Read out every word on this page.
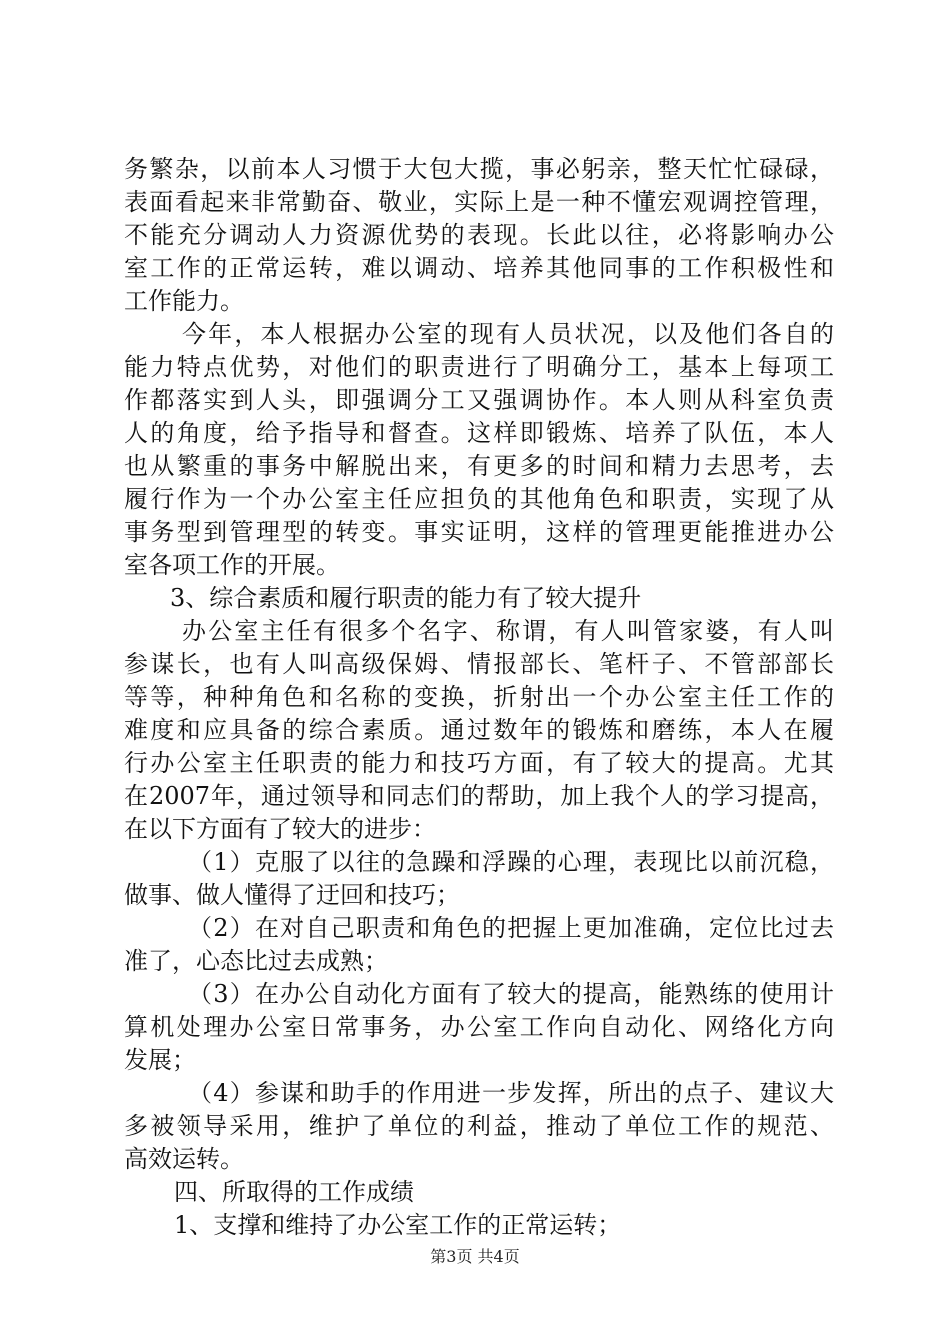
务繁杂，以前本人习惯于大包大揽，事必躬亲，整天忙忙碌碌，
表面看起来非常勤奋、敬业，实际上是一种不懂宏观调控管理，
不能充分调动人力资源优势的表现。长此以往，必将影响办公
室工作的正常运转，难以调动、培养其他同事的工作积极性和
工作能力。
今年，本人根据办公室的现有人员状况，以及他们各自的
能力特点优势，对他们的职责进行了明确分工，基本上每项工
作都落实到人头，即强调分工又强调协作。本人则从科室负责
人的角度，给予指导和督查。这样即锻炼、培养了队伍，本人
也从繁重的事务中解脱出来，有更多的时间和精力去思考，去
履行作为一个办公室主任应担负的其他角色和职责，实现了从
事务型到管理型的转变。事实证明，这样的管理更能推进办公
室各项工作的开展。
3、综合素质和履行职责的能力有了较大提升
办公室主任有很多个名字、称谓，有人叫管家婆，有人叫
参谋长，也有人叫高级保姆、情报部长、笔杆子、不管部部长
等等，种种角色和名称的变换，折射出一个办公室主任工作的
难度和应具备的综合素质。通过数年的锻炼和磨练，本人在履
行办公室主任职责的能力和技巧方面，有了较大的提高。尤其
在2007年，通过领导和同志们的帮助，加上我个人的学习提高，
在以下方面有了较大的进步：
（1）克服了以往的急躁和浮躁的心理，表现比以前沉稳，
做事、做人懂得了迂回和技巧；
（2）在对自己职责和角色的把握上更加准确，定位比过去
准了，心态比过去成熟；
（3）在办公自动化方面有了较大的提高，能熟练的使用计
算机处理办公室日常事务，办公室工作向自动化、网络化方向
发展；
（4）参谋和助手的作用进一步发挥，所出的点子、建议大
多被领导采用，维护了单位的利益，推动了单位工作的规范、
高效运转。
四、所取得的工作成绩
1、支撑和维持了办公室工作的正常运转；
第3页 共4页
